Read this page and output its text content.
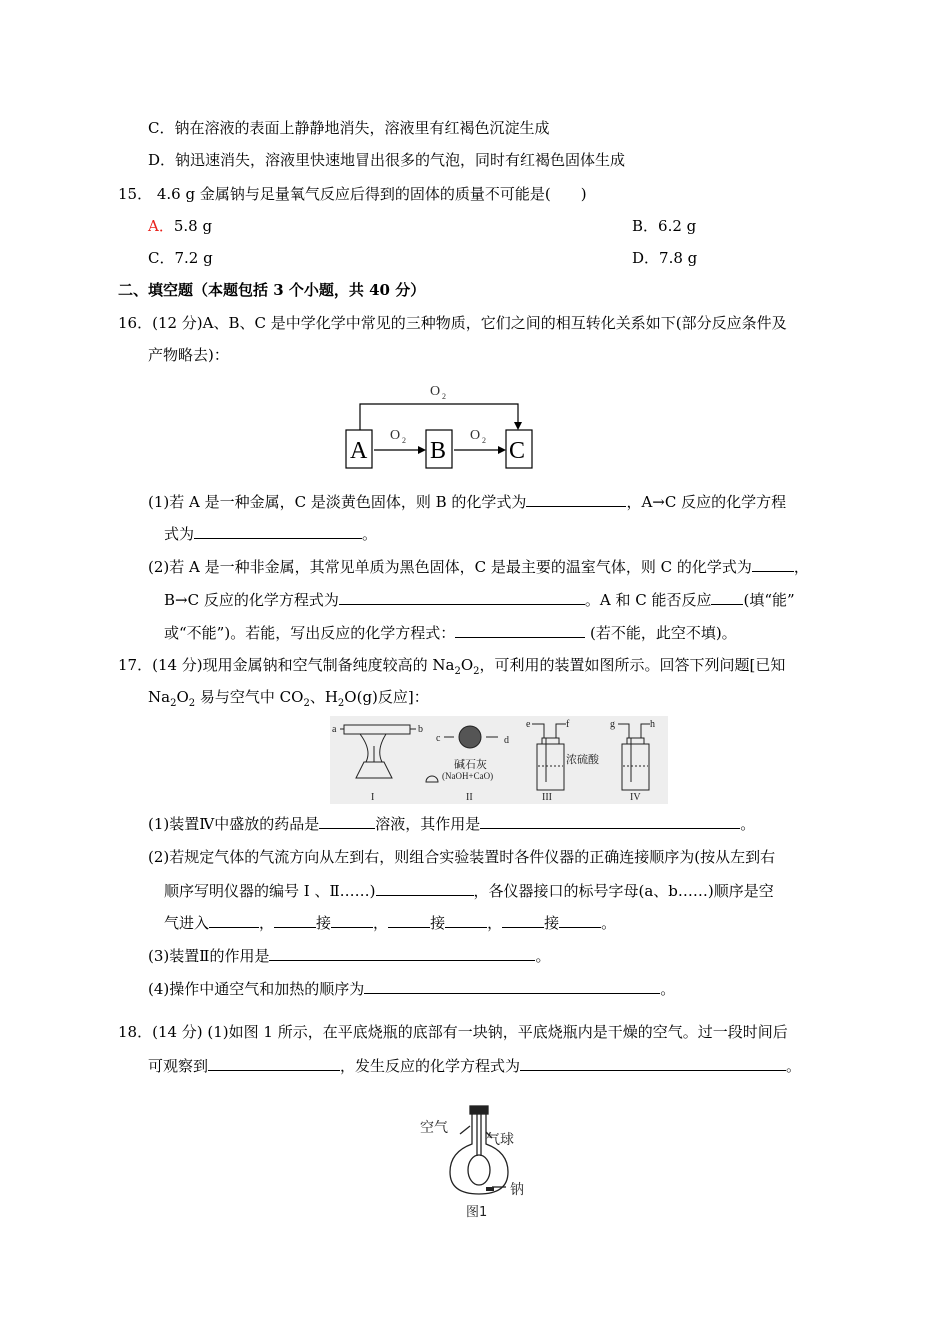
C．钠在溶液的表面上静静地消失，溶液里有红褐色沉淀生成
D．钠迅速消失，溶液里快速地冒出很多的气泡，同时有红褐色固体生成
15． 4.6 g 金属钠与足量氧气反应后得到的固体的质量不可能是(　　)
A．5.8 g	B．6.2 g
C．7.2 g	D．7.8 g
二、填空题（本题包括 3 个小题，共 40 分）
16．(12 分)A、B、C 是中学化学中常见的三种物质，它们之间的相互转化关系如下(部分反应条件及
产物略去)：
A	B	C
O 2
O 2	O 2
(1)若 A 是一种金属，C 是淡黄色固体，则 B 的化学式为	，A→C 反应的化学方程
式为	。
(2)若 A 是一种非金属，其常见单质为黑色固体，C 是最主要的温室气体，则 C 的化学式为	，
B→C 反应的化学方程式为	。A 和 C 能否反应 (填“能”
或“不能”)。若能，写出反应的化学方程式：	(若不能，此空不填)。
17．(14 分)现用金属钠和空气制备纯度较高的 $Na_2O_2$，可利用的装置如图所示。回答下列问题[已知
$Na_2O_2$ 易与空气中 $CO_2$、$H_2O(g)$反应]：
a	b
c	d
e	f	g	h
碱石灰
(NaOH+CaO)
浓硫酸
I	II	III	IV
(1)装置Ⅳ中盛放的药品是	溶液，其作用是	。
(2)若规定气体的气流方向从左到右，则组合实验装置时各件仪器的正确连接顺序为(按从左到右
顺序写明仪器的编号 Ⅰ 、Ⅱ……)	，各仪器接口的标号字母(a、b……)顺序是空
气进入	，	接	，	接	，	接	。
(3)装置Ⅱ的作用是	。
(4)操作中通空气和加热的顺序为	。
18．(14 分) (1)如图 1 所示，在平底烧瓶的底部有一块钠，平底烧瓶内是干燥的空气。过一段时间后
可观察到	，发生反应的化学方程式为	。
空气
气球
钠
图1
